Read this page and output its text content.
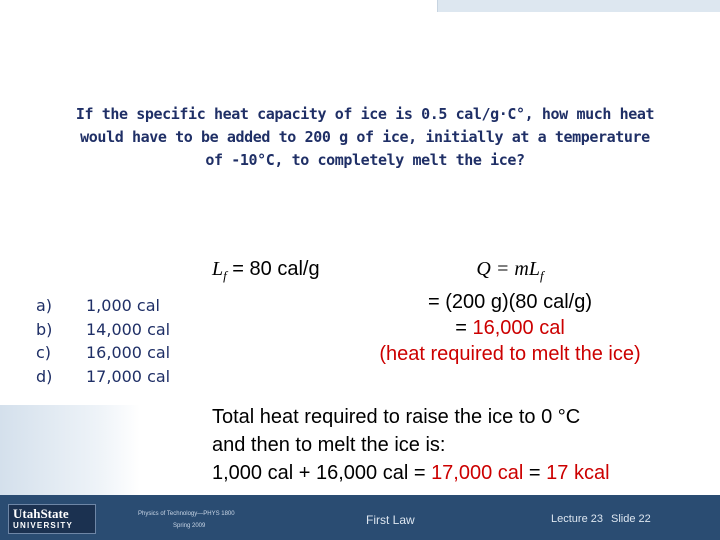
If the specific heat capacity of ice is 0.5 cal/g·C°, how much heat
would have to be added to 200 g of ice, initially at a temperature
of -10°C, to completely melt the ice?
a)	1,000 cal
b)	14,000 cal
c)	16,000 cal
d)	17,000 cal
$L_f = 80$ cal/g	$Q = mL_f$
= (200 g)(80 cal/g)
= 16,000 cal
(heat required to melt the ice)
Total heat required to raise the ice to 0 °C
and then to melt the ice is:
1,000 cal + 16,000 cal = 17,000 cal = 17 kcal
UtahState
UNIVERSITY
Physics of Technology—PHYS 1800
Spring 2009	First Law	Lecture 23 Slide 22
